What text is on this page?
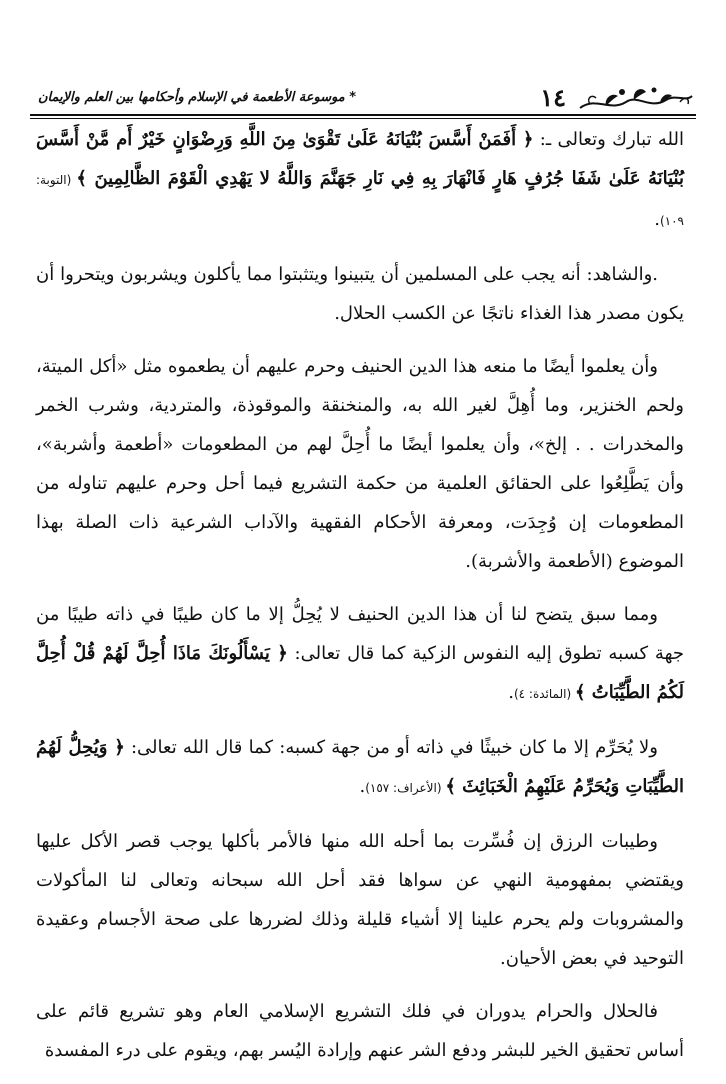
١٤
* موسوعة الأطعمة في الإسلام وأحكامها بين العلم والإيمان

الله تبارك وتعالى ـ: ﴿ أَفَمَنْ أَسَّسَ بُنْيَانَهُ عَلَىٰ تَقْوَىٰ مِنَ اللَّهِ وَرِضْوَانٍ خَيْرٌ أَم مَّنْ أَسَّسَ بُنْيَانَهُ عَلَىٰ شَفَا جُرُفٍ هَارٍ فَانْهَارَ بِهِ فِي نَارِ جَهَنَّمَ وَاللَّهُ لا يَهْدِي الْقَوْمَ الظَّالِمِينَ ﴾ (التوبة: ١٠٩).

.والشاهد: أنه يجب على المسلمين أن يتبينوا ويتثبتوا مما يأكلون ويشربون ويتحروا أن يكون مصدر هذا الغذاء ناتجًا عن الكسب الحلال.

وأن يعلموا أيضًا ما منعه هذا الدين الحنيف وحرم عليهم أن يطعموه مثل «أكل الميتة، ولحم الخنزير، وما أُهِلَّ لغير الله به، والمنخنقة والموقوذة، والمتردية، وشرب الخمر والمخدرات . . إلخ»، وأن يعلموا أيضًا ما أُحِلَّ لهم من المطعومات «أطعمة وأشربة»، وأن يَطَّلِعُوا على الحقائق العلمية من حكمة التشريع فيما أحل وحرم عليهم تناوله من المطعومات إن وُجِدَت، ومعرفة الأحكام الفقهية والآداب الشرعية ذات الصلة بهذا الموضوع (الأطعمة والأشربة).

ومما سبق يتضح لنا أن هذا الدين الحنيف لا يُحِلُّ إلا ما كان طيبًا في ذاته طيبًا من جهة كسبه تطوق إليه النفوس الزكية كما قال تعالى: ﴿ يَسْأَلُونَكَ مَاذَا أُحِلَّ لَهُمْ قُلْ أُحِلَّ لَكُمُ الطَّيِّبَاتُ ﴾ (المائدة: ٤).

ولا يُحَرِّم إلا ما كان خبيثًا في ذاته أو من جهة كسبه: كما قال الله تعالى: ﴿ وَيُحِلُّ لَهُمُ الطَّيِّبَاتِ وَيُحَرِّمُ عَلَيْهِمُ الْخَبَائِثَ ﴾ (الأعراف: ١٥٧).

وطيبات الرزق إن فُسِّرت بما أحله الله منها فالأمر بأكلها يوجب قصر الأكل عليها ويقتضي بمفهومية النهي عن سواها فقد أحل الله سبحانه وتعالى لنا المأكولات والمشروبات ولم يحرم علينا إلا أشياء قليلة وذلك لضررها على صحة الأجسام وعقيدة التوحيد في بعض الأحيان.

فالحلال والحرام يدوران في فلك التشريع الإسلامي العام وهو تشريع قائم على أساس تحقيق الخير للبشر ودفع الشر عنهم وإرادة اليُسر بهم، ويقوم على درء المفسدة
